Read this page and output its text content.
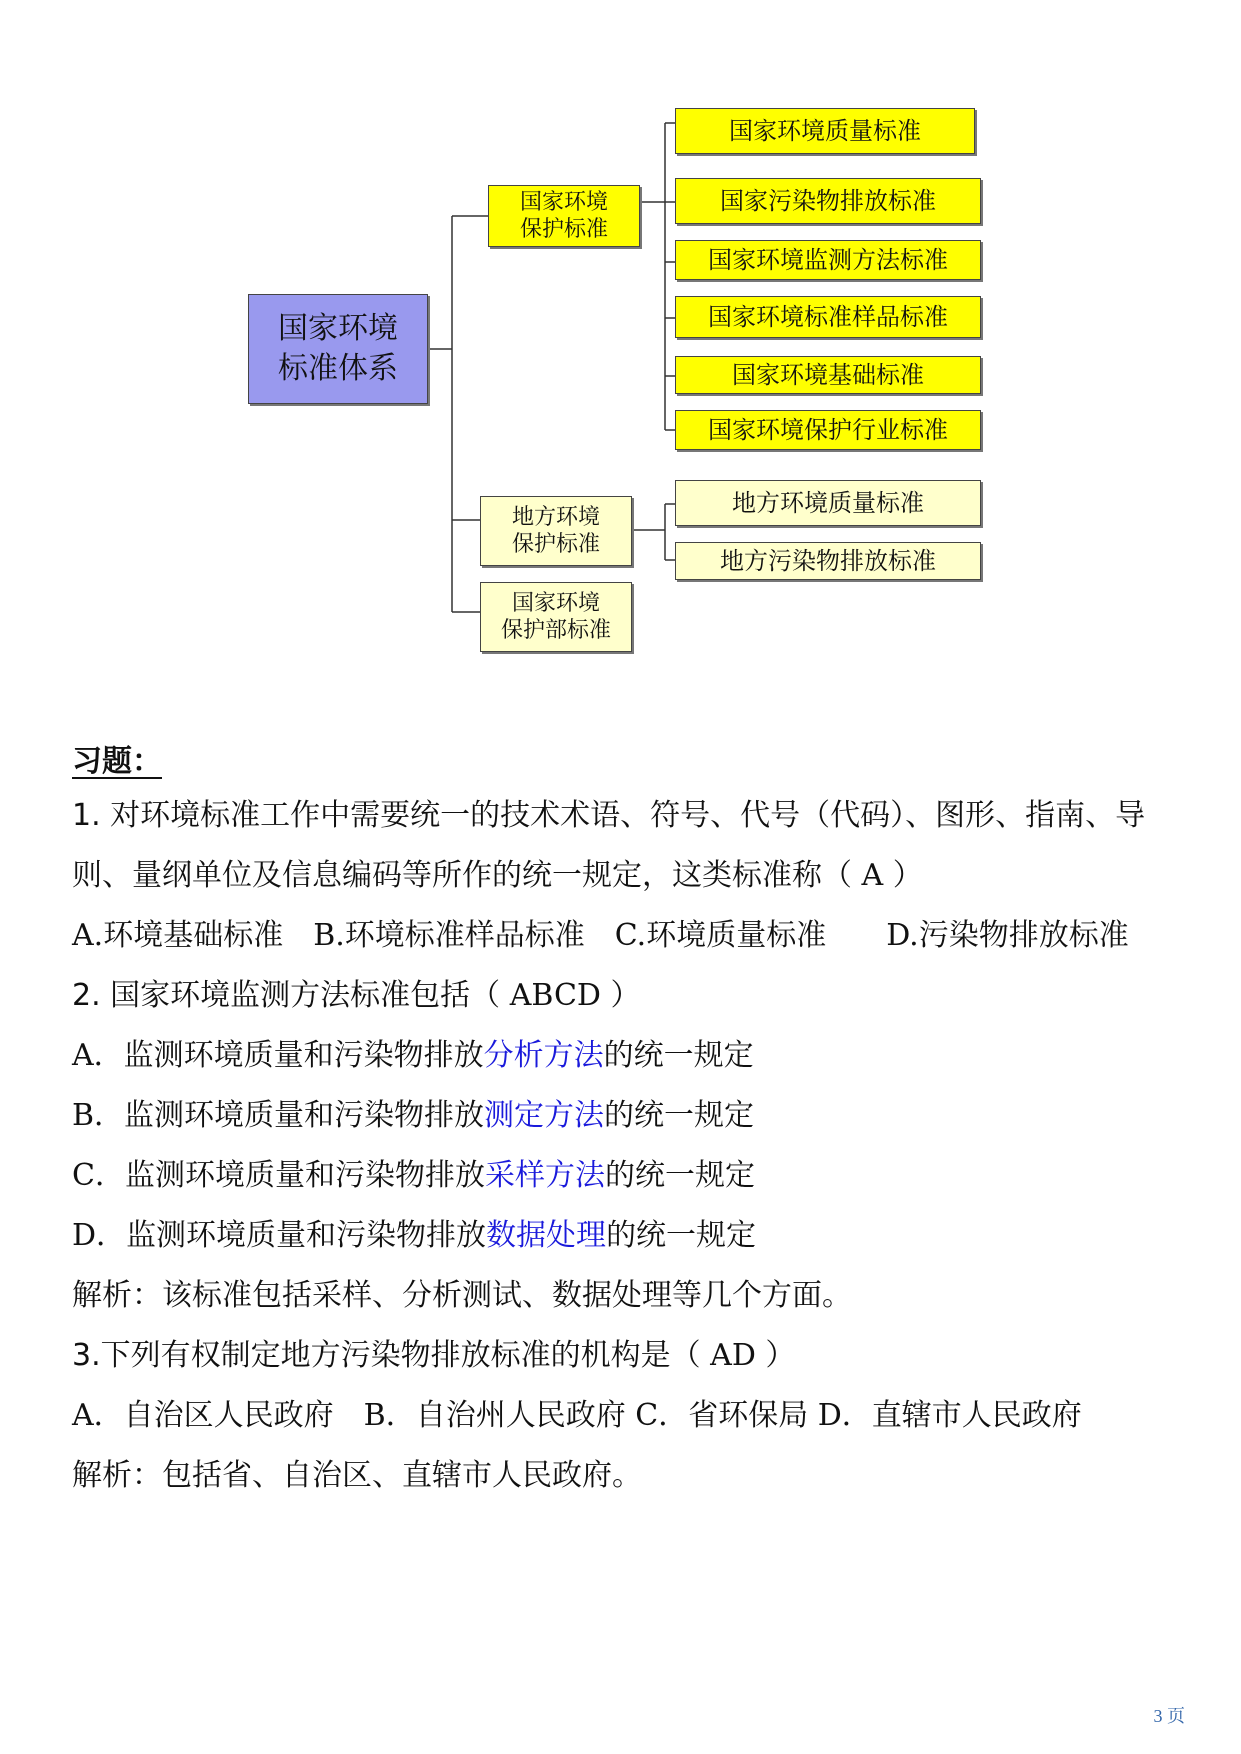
国家环境
标准体系
国家环境
保护标准
地方环境
保护标准
国家环境
保护部标准
国家环境质量标准
国家污染物排放标准
国家环境监测方法标准
国家环境标准样品标准
国家环境基础标准
国家环境保护行业标准
地方环境质量标准
地方污染物排放标准
习题：

1. 对环境标准工作中需要统一的技术术语、符号、代号（代码）、图形、指南、导则、量纲单位及信息编码等所作的统一规定，这类标准称（ A ）

A.环境基础标准　B.环境标准样品标准　C.环境质量标准　　D.污染物排放标准

2. 国家环境监测方法标准包括（ ABCD ）

A．监测环境质量和污染物排放分析方法的统一规定

B．监测环境质量和污染物排放测定方法的统一规定

C．监测环境质量和污染物排放采样方法的统一规定

D．监测环境质量和污染物排放数据处理的统一规定

解析：该标准包括采样、分析测试、数据处理等几个方面。

3.下列有权制定地方污染物排放标准的机构是（ AD ）

A．自治区人民政府　B．自治州人民政府 C．省环保局 D．直辖市人民政府

解析：包括省、自治区、直辖市人民政府。

3 页
